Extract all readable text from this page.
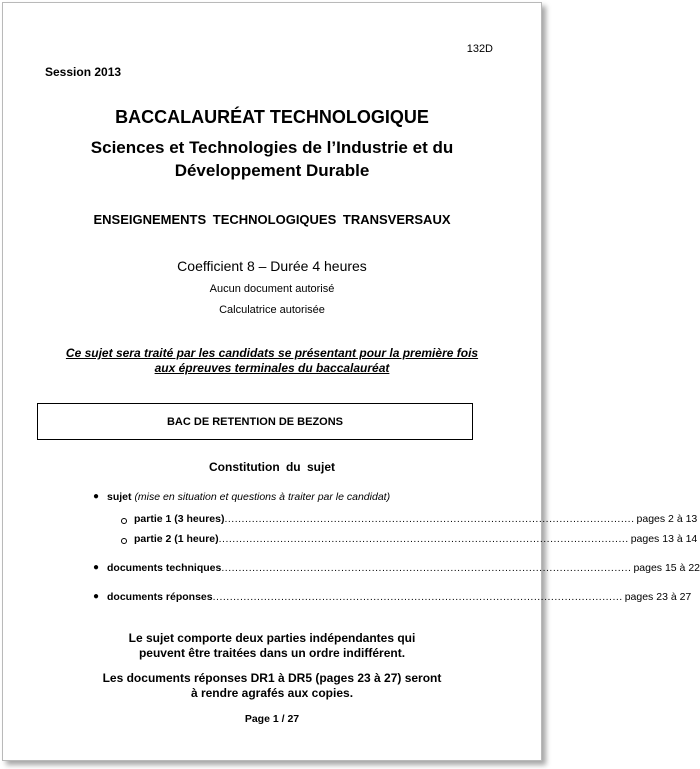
132D
Session 2013
BACCALAURÉAT TECHNOLOGIQUE
Sciences et Technologies de l’Industrie et du
Développement Durable
ENSEIGNEMENTS TECHNOLOGIQUES TRANSVERSAUX
Coefficient 8 – Durée 4 heures
Aucun document autorisé
Calculatrice autorisée
Ce sujet sera traité par les candidats se présentant pour la première fois
aux épreuves terminales du baccalauréat
BAC DE RETENTION DE BEZONS
Constitution du sujet
● sujet (mise en situation et questions à traiter par le candidat)
partie 1 (3 heures) ........................................................................................................................ pages 2 à 13
partie 2 (1 heure) ........................................................................................................................ pages 13 à 14
● documents techniques ........................................................................................................................ pages 15 à 22
● documents réponses ........................................................................................................................ pages 23 à 27
Le sujet comporte deux parties indépendantes qui
peuvent être traitées dans un ordre indifférent.
Les documents réponses DR1 à DR5 (pages 23 à 27) seront
à rendre agrafés aux copies.
Page 1 / 27
